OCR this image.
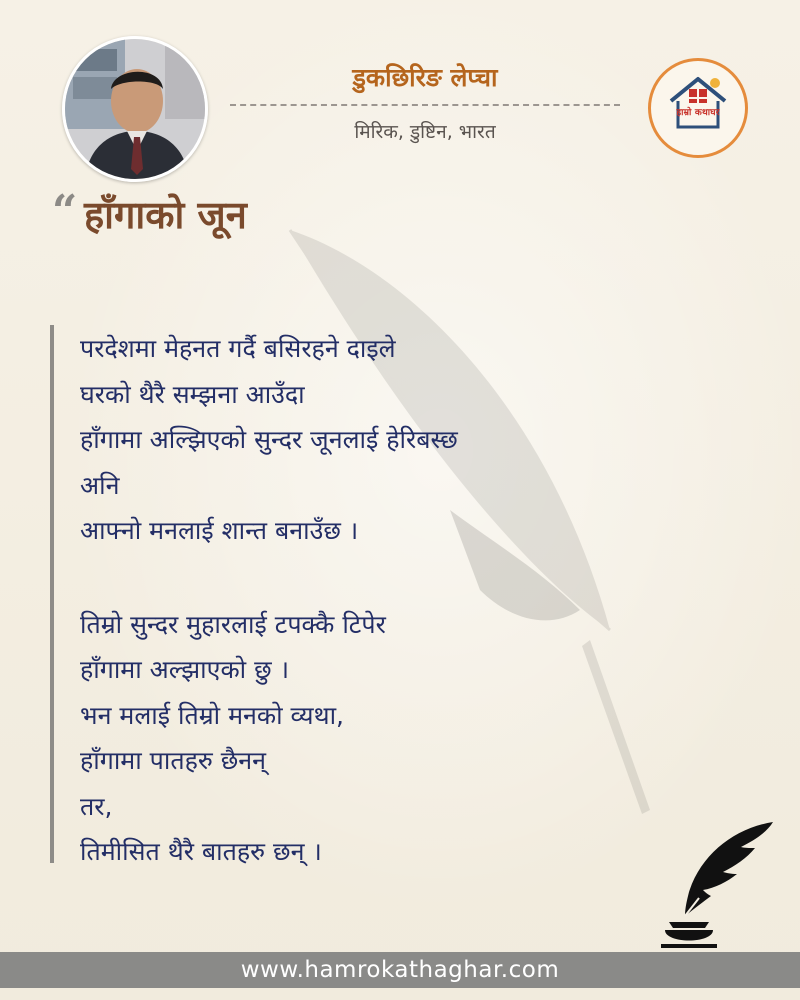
डुकछिरिङ लेप्चा
मिरिक, डुष्टिन, भारत
हाम्रो कथाघर
“ हाँगाको जून
परदेशमा मेहनत गर्दै बसिरहने दाइले
घरको थैरै सम्झना आउँदा
हाँगामा अल्झिएको सुन्दर जूनलाई हेरिबस्छ
अनि
आफ्नो मनलाई शान्त बनाउँछ ।
तिम्रो सुन्दर मुहारलाई टपक्कै टिपेर
हाँगामा अल्झाएको छु ।
भन मलाई तिम्रो मनको व्यथा,
हाँगामा पातहरु छैनन्
तर,
तिमीसित थैरै बातहरु छन् ।
www.hamrokathaghar.com
